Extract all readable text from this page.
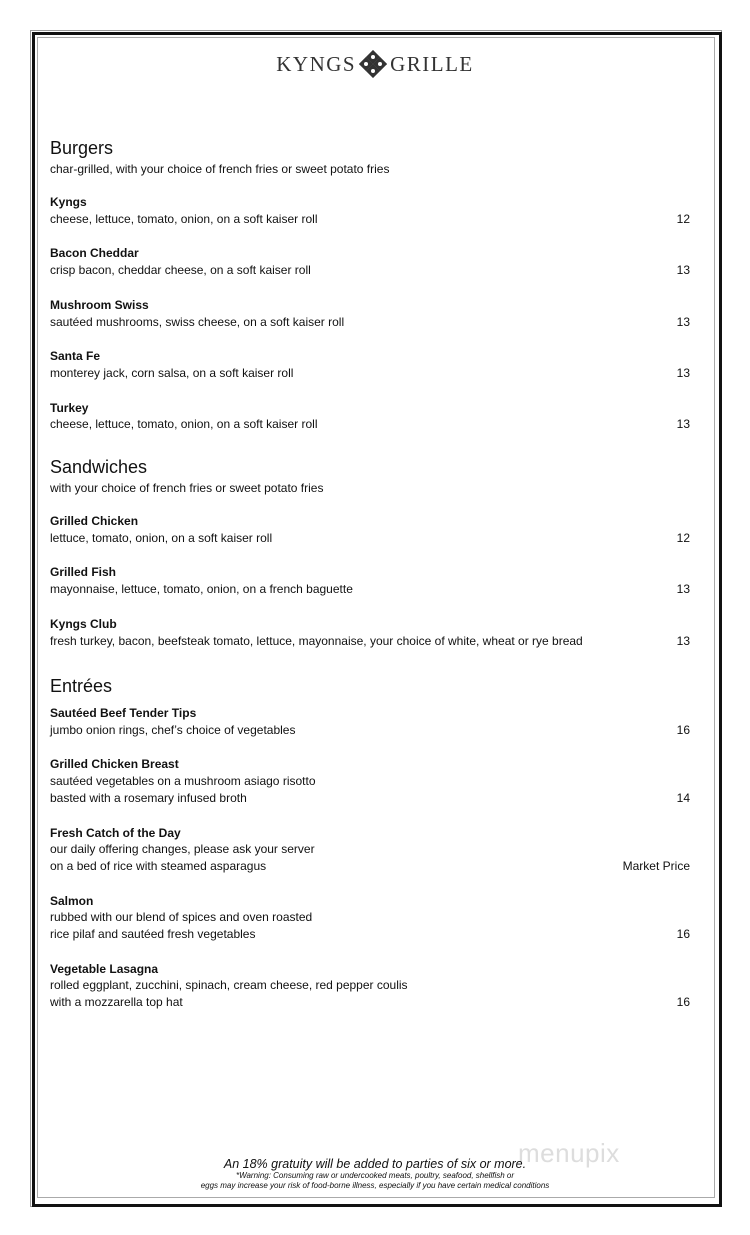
KYNGS GRILLE
Burgers
char-grilled, with your choice of french fries or sweet potato fries
Kyngs
cheese, lettuce, tomato, onion, on a soft kaiser roll	12
Bacon Cheddar
crisp bacon, cheddar cheese, on a soft kaiser roll	13
Mushroom Swiss
sautéed mushrooms, swiss cheese, on a soft kaiser roll	13
Santa Fe
monterey jack, corn salsa, on a soft kaiser roll	13
Turkey
cheese, lettuce, tomato, onion, on a soft kaiser roll	13
Sandwiches
with your choice of french fries or sweet potato fries
Grilled Chicken
lettuce, tomato, onion, on a soft kaiser roll	12
Grilled Fish
mayonnaise, lettuce, tomato, onion, on a french baguette	13
Kyngs Club
fresh turkey, bacon, beefsteak tomato, lettuce, mayonnaise, your choice of white, wheat or rye bread	13
Entrées
Sautéed Beef Tender Tips
jumbo onion rings, chef’s choice of vegetables	16
Grilled Chicken Breast
sautéed vegetables on a mushroom asiago risotto
basted with a rosemary infused broth	14
Fresh Catch of the Day
our daily offering changes, please ask your server
on a bed of rice with steamed asparagus	Market Price
Salmon
rubbed with our blend of spices and oven roasted
rice pilaf and sautéed fresh vegetables	16
Vegetable Lasagna
rolled eggplant, zucchini, spinach, cream cheese, red pepper coulis
with a mozzarella top hat	16
menupix
An 18% gratuity will be added to parties of six or more.
*Warning: Consuming raw or undercooked meats, poultry, seafood, shellfish or
eggs may increase your risk of food-borne illness, especially if you have certain medical conditions
